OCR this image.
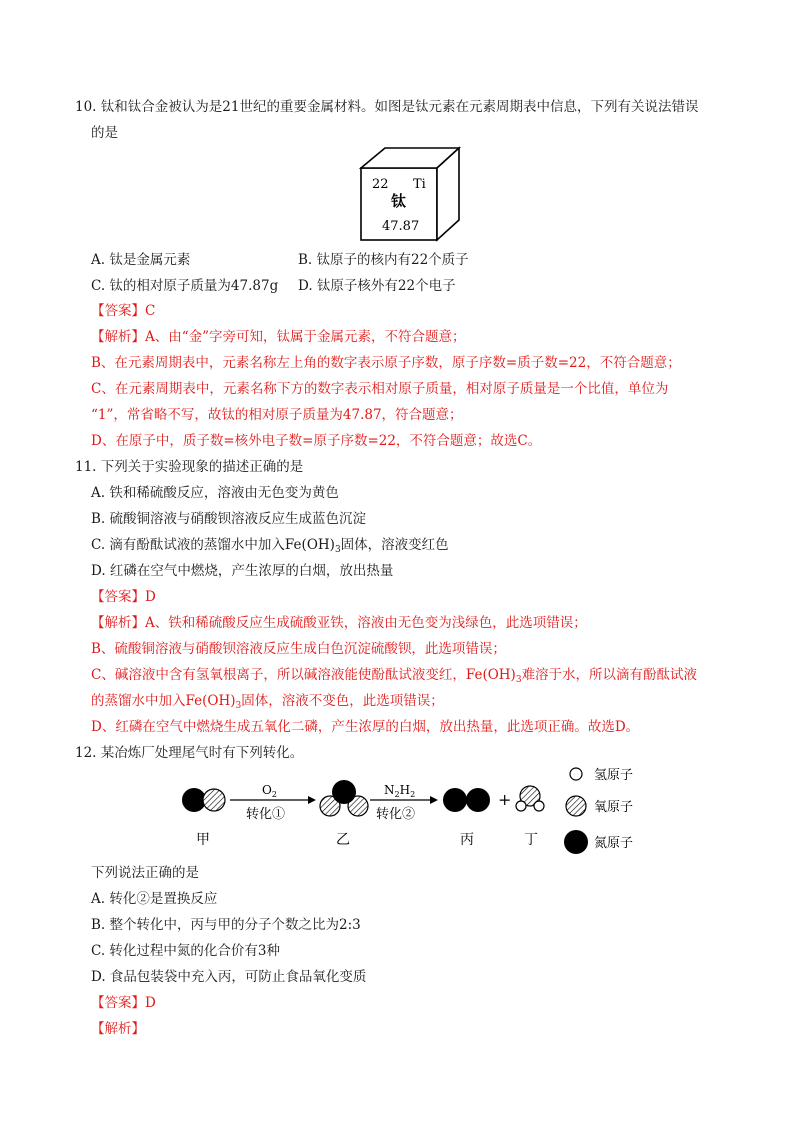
10. 钛和钛合金被认为是21世纪的重要金属材料。如图是钛元素在元素周期表中信息，下列有关说法错误
的是
22 Ti
钛
47.87
A. 钛是金属元素	B. 钛原子的核内有22个质子
C. 钛的相对原子质量为47.87g D. 钛原子核外有22个电子
【答案】C
【解析】A、由“金”字旁可知，钛属于金属元素，不符合题意；
B、在元素周期表中，元素名称左上角的数字表示原子序数，原子序数=质子数=22，不符合题意；
C、在元素周期表中，元素名称下方的数字表示相对原子质量，相对原子质量是一个比值，单位为
“1”，常省略不写，故钛的相对原子质量为47.87，符合题意；
D、在原子中，质子数=核外电子数=原子序数=22，不符合题意；故选C。
11. 下列关于实验现象的描述正确的是
A. 铁和稀硫酸反应，溶液由无色变为黄色
B. 硫酸铜溶液与硝酸钡溶液反应生成蓝色沉淀
C. 滴有酚酞试液的蒸馏水中加入$Fe(OH)_3$固体，溶液变红色
D. 红磷在空气中燃烧，产生浓厚的白烟，放出热量
【答案】D
【解析】A、铁和稀硫酸反应生成硫酸亚铁，溶液由无色变为浅绿色，此选项错误；
B、硫酸铜溶液与硝酸钡溶液反应生成白色沉淀硫酸钡，此选项错误；
C、碱溶液中含有氢氧根离子，所以碱溶液能使酚酞试液变红，$Fe(OH)_3$难溶于水，所以滴有酚酞试液
的蒸馏水中加入$Fe(OH)_3$固体，溶液不变色，此选项错误；
D、红磷在空气中燃烧生成五氧化二磷，产生浓厚的白烟，放出热量，此选项正确。故选D。
12. 某冶炼厂处理尾气时有下列转化。
甲
$O_2$
转化①
乙
$N_2H_2$
转化②
丙
+
丁
氢原子
氧原子
氮原子
下列说法正确的是
A. 转化②是置换反应
B. 整个转化中，丙与甲的分子个数之比为2:3
C. 转化过程中氮的化合价有3种
D. 食品包装袋中充入丙，可防止食品氧化变质
【答案】D
【解析】
